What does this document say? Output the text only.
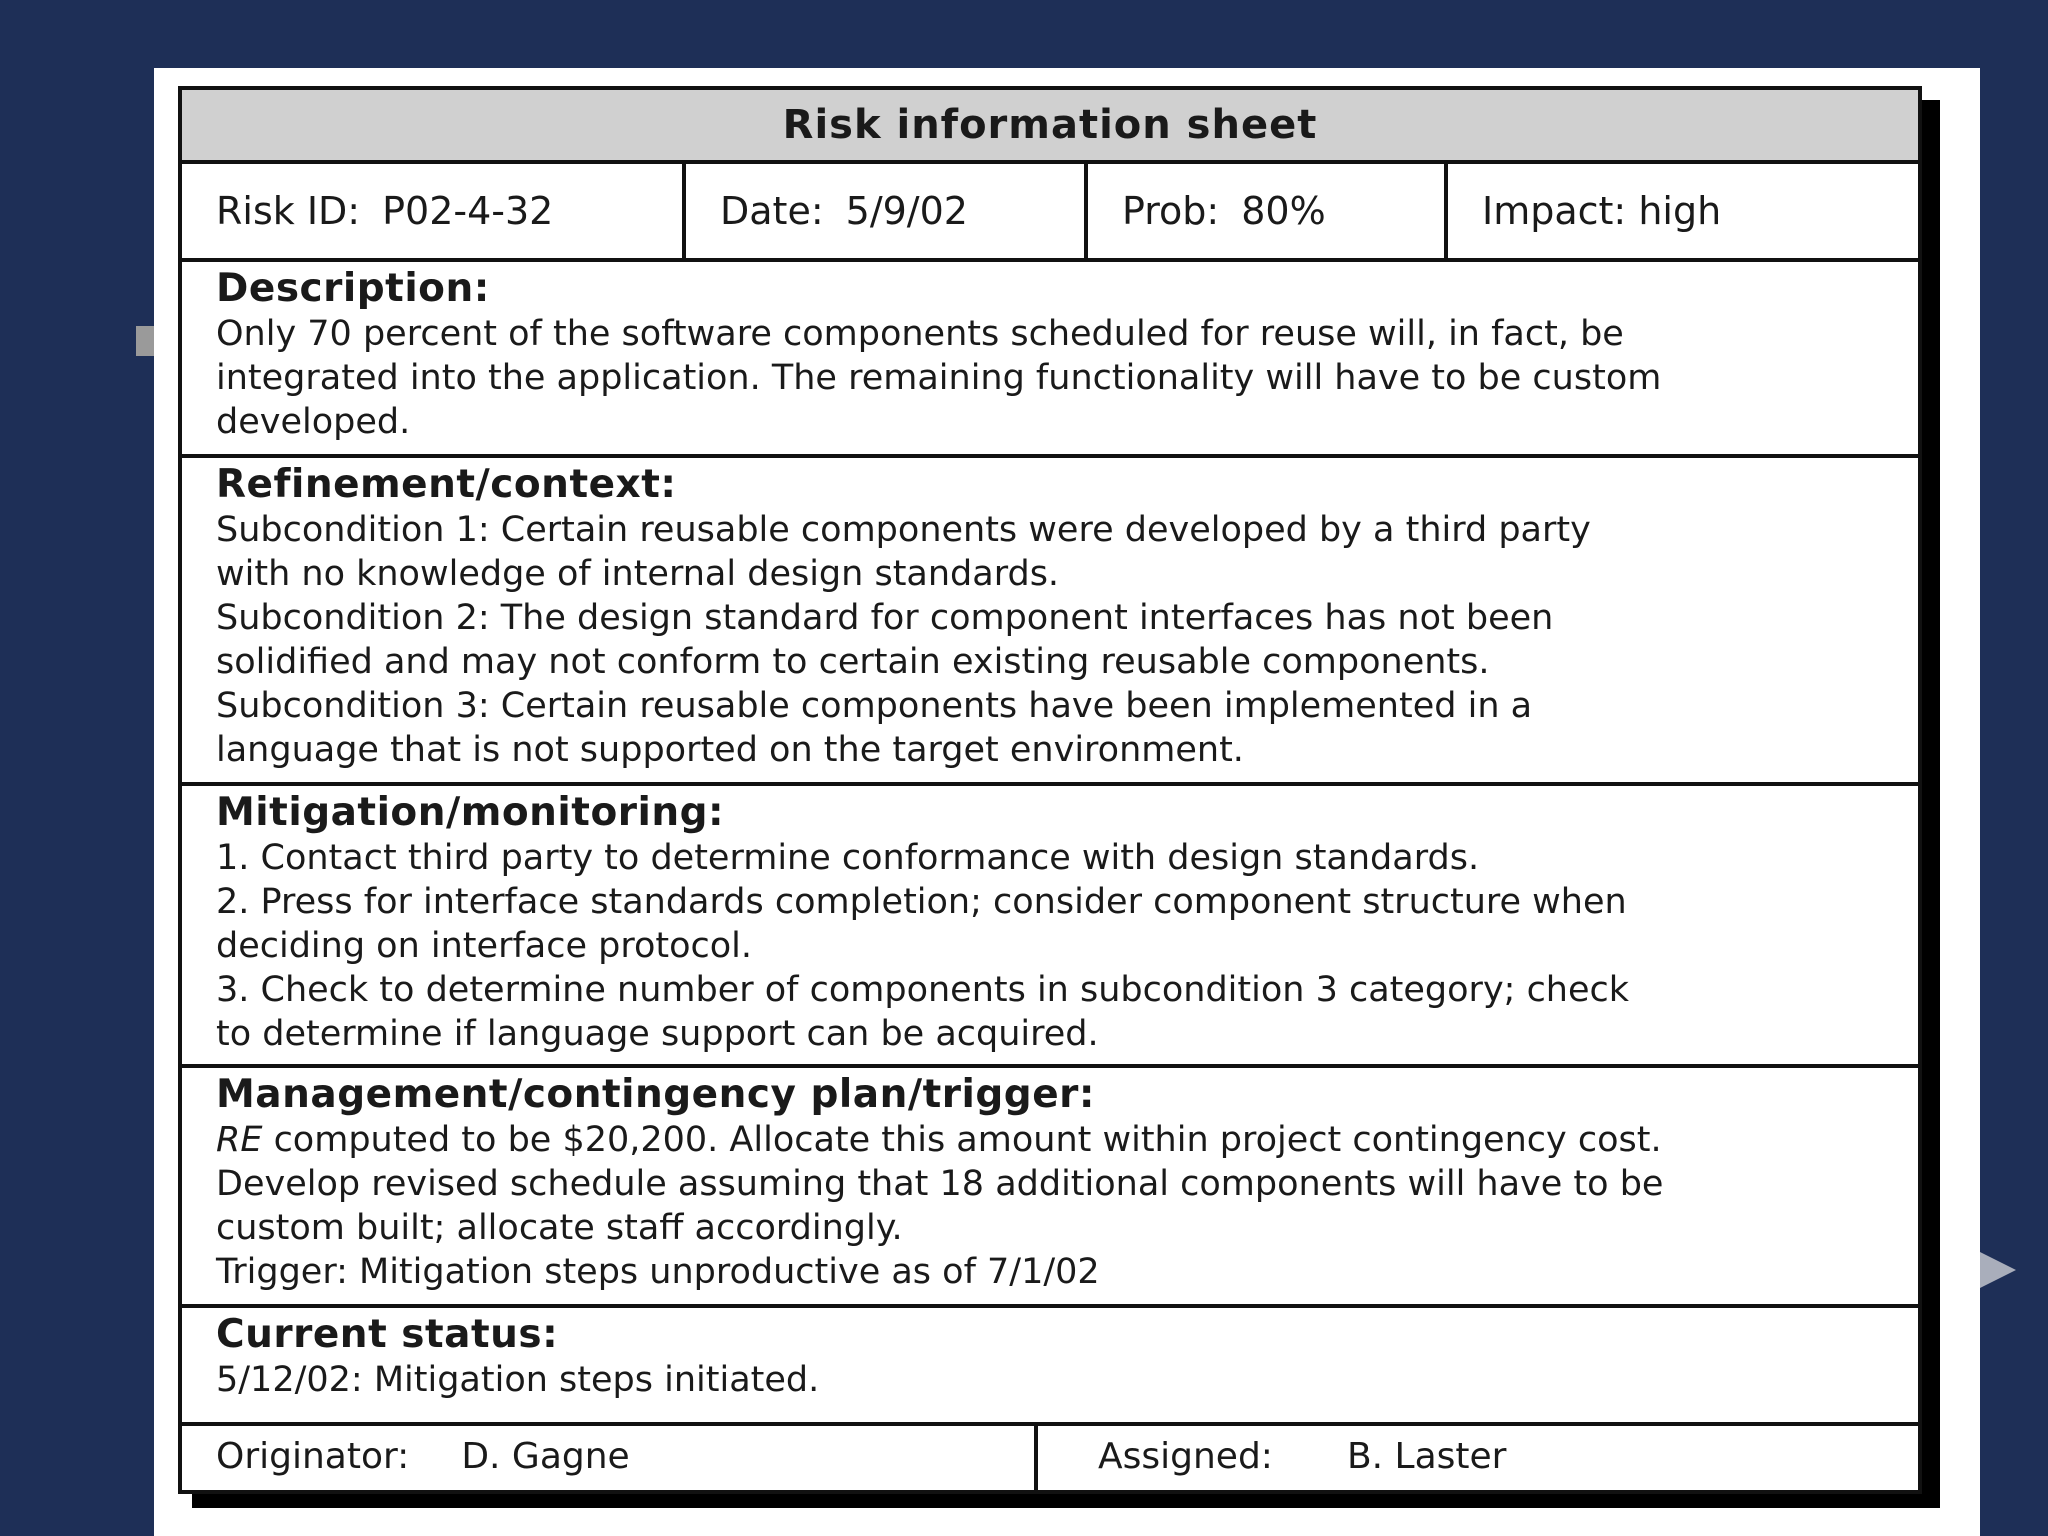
Risk information sheet
Risk ID: P02-4-32	Date: 5/9/02	Prob: 80%	Impact: high
Description:

Only 70 percent of the software components scheduled for reuse will, in fact, be

integrated into the application. The remaining functionality will have to be custom

developed.

Refinement/context:

Subcondition 1: Certain reusable components were developed by a third party

with no knowledge of internal design standards.

Subcondition 2: The design standard for component interfaces has not been

solidified and may not conform to certain existing reusable components.

Subcondition 3: Certain reusable components have been implemented in a

language that is not supported on the target environment.

Mitigation/monitoring:

1. Contact third party to determine conformance with design standards.

2. Press for interface standards completion; consider component structure when

deciding on interface protocol.

3. Check to determine number of components in subcondition 3 category; check

to determine if language support can be acquired.

Management/contingency plan/trigger:

RE computed to be $20,200. Allocate this amount within project contingency cost.

Develop revised schedule assuming that 18 additional components will have to be

custom built; allocate staff accordingly.

Trigger: Mitigation steps unproductive as of 7/1/02

Current status:

5/12/02: Mitigation steps initiated.

Originator: D. Gagne	Assigned: B. Laster
